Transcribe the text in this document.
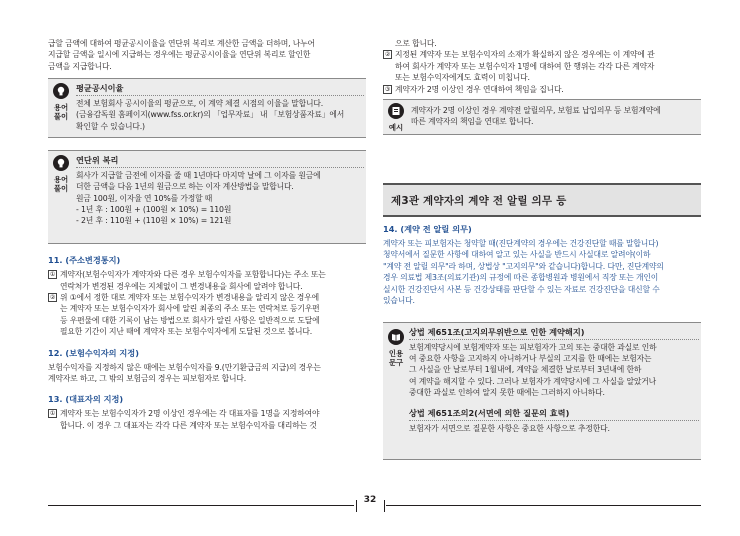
급할 금액에 대하여 평균공시이율을 연단위 복리로 계산한 금액을 더하며, 나누어

지급할 금액을 일시에 지급하는 경우에는 평균공시이율을 연단위 복리로 할인한

금액을 지급합니다.

용어
풀이
평균공시이율
전체 보험회사 공시이율의 평균으로, 이 계약 체결 시점의 이율을 말합니다.
(금융감독원 홈페이지(www.fss.or.kr)의 「업무자료」 내 「보험상품자료」에서
확인할 수 있습니다.)
용어
풀이
연단위 복리
회사가 지급할 금전에 이자를 줄 때 1년마다 마지막 날에 그 이자를 원금에
더한 금액을 다음 1년의 원금으로 하는 이자 계산방법을 말합니다.
원금 100원, 이자율 연 10%를 가정할 때
- 1년 후 : 100원 + (100원 × 10%) = 110원
- 2년 후 : 110원 + (110원 × 10%) = 121원
11. (주소변경통지)

① 계약자(보험수익자가 계약자와 다른 경우 보험수익자를 포함합니다)는 주소 또는

연락처가 변경된 경우에는 지체없이 그 변경내용을 회사에 알려야 합니다.

② 위 ①에서 정한 대로 계약자 또는 보험수익자가 변경내용을 알리지 않은 경우에

는 계약자 또는 보험수익자가 회사에 알린 최종의 주소 또는 연락처로 등기우편

등 우편물에 대한 기록이 남는 방법으로 회사가 알린 사항은 일반적으로 도달에

필요한 기간이 지난 때에 계약자 또는 보험수익자에게 도달된 것으로 봅니다.

12. (보험수익자의 지정)

보험수익자를 지정하지 않은 때에는 보험수익자를 9.(만기환급금의 지급)의 경우는

계약자로 하고, 그 밖의 보험금의 경우는 피보험자로 합니다.

13. (대표자의 지정)

① 계약자 또는 보험수익자가 2명 이상인 경우에는 각 대표자를 1명을 지정하여야

합니다. 이 경우 그 대표자는 각각 다른 계약자 또는 보험수익자를 대리하는 것

으로 합니다.

② 지정된 계약자 또는 보험수익자의 소재가 확실하지 않은 경우에는 이 계약에 관

하여 회사가 계약자 또는 보험수익자 1명에 대하여 한 행위는 각각 다른 계약자

또는 보험수익자에게도 효력이 미칩니다.

③ 계약자가 2명 이상인 경우 연대하여 책임을 집니다.

예시
계약자가 2명 이상인 경우 계약전 알릴의무, 보험료 납입의무 등 보험계약에
따른 계약자의 책임을 연대로 합니다.
제3관 계약자의 계약 전 알릴 의무 등
14. (계약 전 알릴 의무)

계약자 또는 피보험자는 청약할 때(진단계약의 경우에는 건강진단할 때를 말합니다)

청약서에서 질문한 사항에 대하여 알고 있는 사실을 반드시 사실대로 알려야(이하

"계약 전 알릴 의무"라 하며, 상법상 "고지의무"와 같습니다)합니다. 다만, 진단계약의

경우 의료법 제3조(의료기관)의 규정에 따른 종합병원과 병원에서 직장 또는 개인이

실시한 건강진단서 사본 등 건강상태를 판단할 수 있는 자료로 건강진단을 대신할 수

있습니다.

인용
문구
상법 제651조(고지의무위반으로 인한 계약해지)
보험계약당시에 보험계약자 또는 피보험자가 고의 또는 중대한 과실로 인하
여 중요한 사항을 고지하지 아니하거나 부실의 고지를 한 때에는 보험자는
그 사실을 안 날로부터 1월내에, 계약을 체결한 날로부터 3년내에 한하
여 계약을 해지할 수 있다. 그러나 보험자가 계약당시에 그 사실을 알았거나
중대한 과실로 인하여 알지 못한 때에는 그러하지 아니하다.
상법 제651조의2(서면에 의한 질문의 효력)
보험자가 서면으로 질문한 사항은 중요한 사항으로 추정한다.
32
